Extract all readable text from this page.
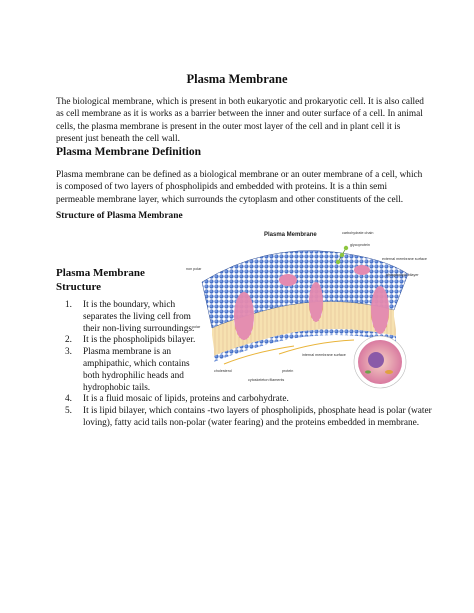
Plasma Membrane
The biological membrane, which is present in both eukaryotic and prokaryotic cell. It is also called as cell membrane as it is works as a barrier between the inner and outer surface of a cell. In animal cells, the plasma membrane is present in the outer most layer of the cell and in plant cell it is present just beneath the cell wall.
Plasma Membrane Definition
Plasma membrane can be defined as a biological membrane or an outer membrane of a cell, which is composed of two layers of phospholipids and embedded with proteins. It is a thin semi permeable membrane layer, which surrounds the cytoplasm and other constituents of the cell.
Structure of Plasma Membrane
Plasma Membrane Structure
1. It is the boundary, which separates the living cell from their non-living surroundings.
2. It is the phospholipids bilayer.
3. Plasma membrane is an amphipathic, which contains both hydrophilic heads and hydrophobic tails.
4. It is a fluid mosaic of lipids, proteins and carbohydrate.
5. It is lipid bilayer, which contains -two layers of phospholipids, phosphate head is polar (water loving), fatty acid tails non-polar (water fearing) and the proteins embedded in membrane.
Plasma Membrane	carbohydrate chain
glycoprotein
external membrane surface
phospholipid bilayer
non polar
polar
cholesterol	protein
cytoskeleton filaments
internal membrane surface
